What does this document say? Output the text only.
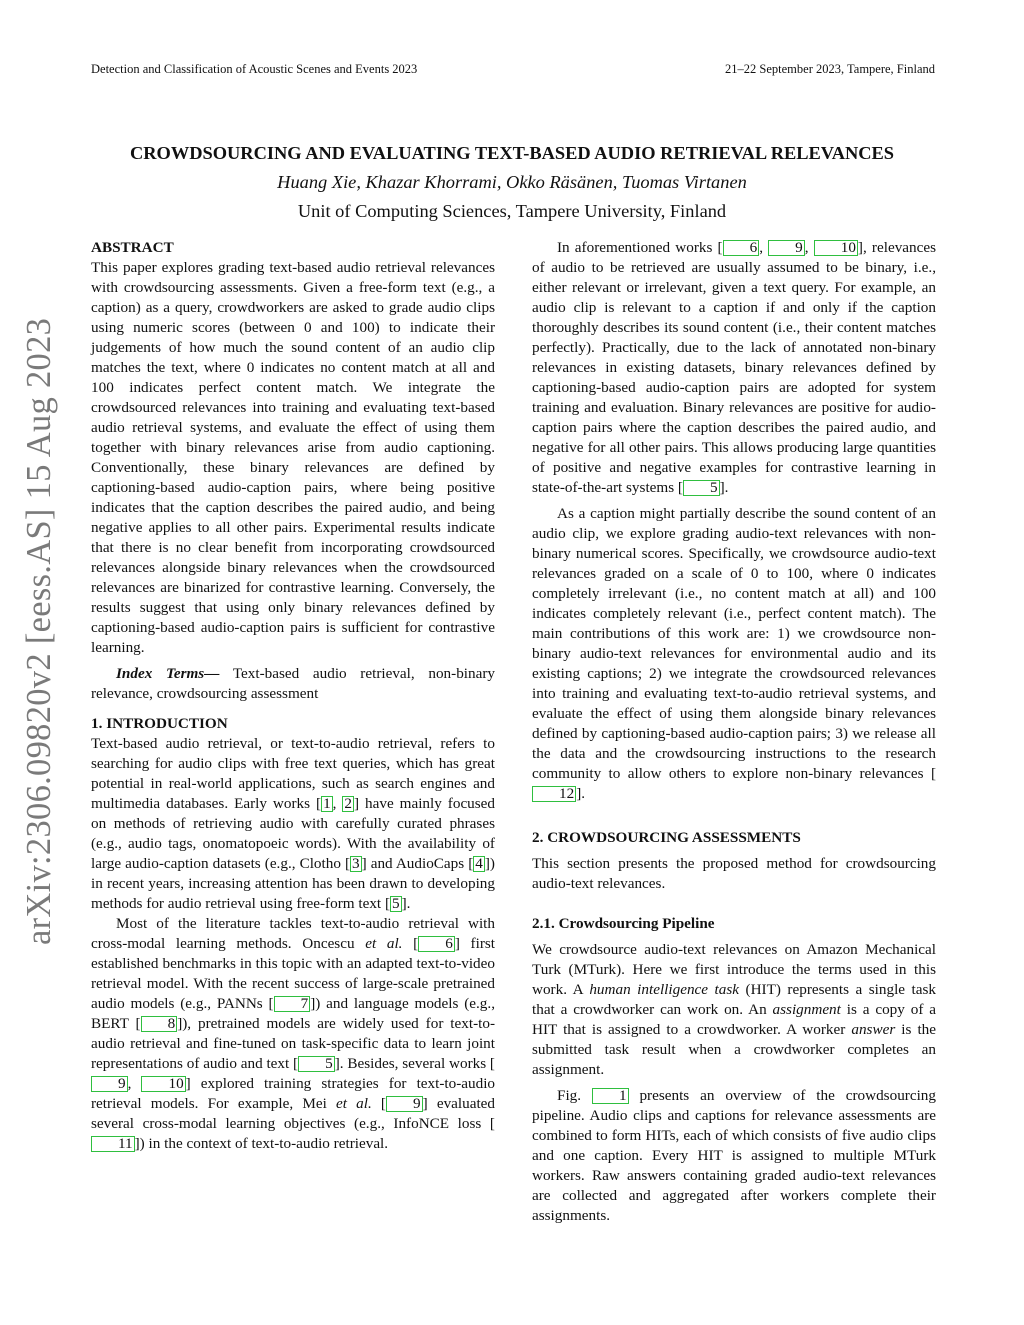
Detection and Classification of Acoustic Scenes and Events 2023	21–22 September 2023, Tampere, Finland
arXiv:2306.09820v2 [eess.AS] 15 Aug 2023
CROWDSOURCING AND EVALUATING TEXT-BASED AUDIO RETRIEVAL RELEVANCES
Huang Xie, Khazar Khorrami, Okko Räsänen, Tuomas Virtanen
Unit of Computing Sciences, Tampere University, Finland

ABSTRACT

This paper explores grading text-based audio retrieval relevances with crowdsourcing assessments. Given a free-form text (e.g., a caption) as a query, crowdworkers are asked to grade audio clips using numeric scores (between 0 and 100) to indicate their judgements of how much the sound content of an audio clip matches the text, where 0 indicates no content match at all and 100 indicates perfect content match. We integrate the crowdsourced relevances into training and evaluating text-based audio retrieval systems, and evaluate the effect of using them together with binary relevances arise from audio captioning. Conventionally, these binary relevances are defined by captioning-based audio-caption pairs, where being positive indicates that the caption describes the paired audio, and being negative applies to all other pairs. Experimental results indicate that there is no clear benefit from incorporating crowdsourced relevances alongside binary relevances when the crowdsourced relevances are binarized for contrastive learning. Conversely, the results suggest that using only binary relevances defined by captioning-based audio-caption pairs is sufficient for contrastive learning.

Index Terms— Text-based audio retrieval, non-binary relevance, crowdsourcing assessment

1. INTRODUCTION

Text-based audio retrieval, or text-to-audio retrieval, refers to searching for audio clips with free text queries, which has great potential in real-world applications, such as search engines and multimedia databases. Early works [ 1 , 2 ] have mainly focused on methods of retrieving audio with carefully curated phrases (e.g., audio tags, onomatopoeic words). With the availability of large audio-caption datasets (e.g., Clotho [ 3 ] and AudioCaps [ 4 ]) in recent years, increasing attention has been drawn to developing methods for audio retrieval using free-form text [ 5 ].

Most of the literature tackles text-to-audio retrieval with cross-modal learning methods. Oncescu et al. [ 6 ] first established benchmarks in this topic with an adapted text-to-video retrieval model. With the recent success of large-scale pretrained audio models (e.g., PANNs [ 7 ]) and language models (e.g., BERT [ 8 ]), pretrained models are widely used for text-to-audio retrieval and fine-tuned on task-specific data to learn joint representations of audio and text [ 5 ]. Besides, several works [9 , 10 ] explored training strategies for text-to-audio retrieval models. For example, Mei et al. [ 9 ] evaluated several cross-modal learning objectives (e.g., InfoNCE loss [11 ]) in the context of text-to-audio retrieval.

In aforementioned works [ 6 , 9 , 10 ], relevances of audio to be retrieved are usually assumed to be binary, i.e., either relevant or irrelevant, given a text query. For example, an audio clip is relevant to a caption if and only if the caption thoroughly describes its sound content (i.e., their content matches perfectly). Practically, due to the lack of annotated non-binary relevances in existing datasets, binary relevances defined by captioning-based audio-caption pairs are adopted for system training and evaluation. Binary relevances are positive for audio-caption pairs where the caption describes the paired audio, and negative for all other pairs. This allows producing large quantities of positive and negative examples for contrastive learning in state-of-the-art systems [ 5 ].

As a caption might partially describe the sound content of an audio clip, we explore grading audio-text relevances with non-binary numerical scores. Specifically, we crowdsource audio-text relevances graded on a scale of 0 to 100, where 0 indicates completely irrelevant (i.e., no content match at all) and 100 indicates completely relevant (i.e., perfect content match). The main contributions of this work are: 1) we crowdsource non-binary audio-text relevances for environmental audio and its existing captions; 2) we integrate the crowdsourced relevances into training and evaluating text-to-audio retrieval systems, and evaluate the effect of using them alongside binary relevances defined by captioning-based audio-caption pairs; 3) we release all the data and the crowdsourcing instructions to the research community to allow others to explore non-binary relevances [12 ].

2. CROWDSOURCING ASSESSMENTS

This section presents the proposed method for crowdsourcing audio-text relevances.

2.1. Crowdsourcing Pipeline

We crowdsource audio-text relevances on Amazon Mechanical Turk (MTurk). Here we first introduce the terms used in this work. A human intelligence task (HIT) represents a single task that a crowdworker can work on. An assignment is a copy of a HIT that is assigned to a crowdworker. A worker answer is the submitted task result when a crowdworker completes an assignment.

Fig. 1 presents an overview of the crowdsourcing pipeline. Audio clips and captions for relevance assessments are combined to form HITs, each of which consists of five audio clips and one caption. Every HIT is assigned to multiple MTurk workers. Raw answers containing graded audio-text relevances are collected and aggregated after workers complete their assignments.
